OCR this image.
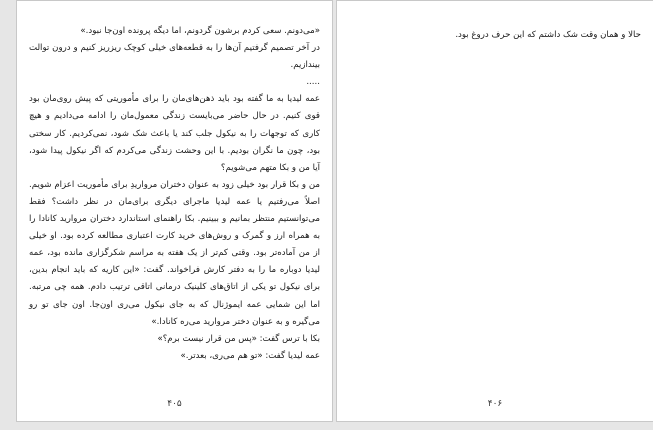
«می‌دونم. سعی کردم برشون گردونم، اما دیگه پرونده اون‌جا نبود.»

در آخر تصمیم گرفتیم آن‌ها را به قطعه‌های خیلی کوچک ریزریز کنیم و درون توالت بیندازیم.

.....

عمه لیدیا به ما گفته بود باید ذهن‌های‌مان را برای مأموریتی که پیش روی‌مان بود قوی کنیم. در حال حاضر می‌بایست زندگی معمول‌مان را ادامه می‌دادیم و هیچ کاری که توجهات را به نیکول جلب کند یا باعث شک شود، نمی‌کردیم. کار سختی بود، چون ما نگران بودیم. با این وحشت زندگی می‌کردم که اگر نیکول پیدا شود، آیا من و بکا متهم می‌شویم؟

من و بکا قرار بود خیلی زود به عنوان دختران مرواریدِ برای مأموریت اعزام شویم. اصلاً می‌رفتیم یا عمه لیدیا ماجرای دیگری برای‌مان در نظر داشت؟ فقط می‌توانستیم منتظر بمانیم و ببینیم. بکا راهنمای استاندارد دختران مروارید کانادا را به همراه ارز و گمرک و روش‌های خرید کارت اعتباری مطالعه کرده بود. او خیلی از من آماده‌تر بود. وقتی کم‌تر از یک هفته به مراسم شکرگزاری مانده بود، عمه لیدیا دوباره ما را به دفتر کارش فراخواند. گفت: «این کاریه که باید انجام بدین، برای نیکول تو یکی از اتاق‌های کلینیک درمانی اتاقی ترتیب دادم. همه چی مرتبه. اما این شمایی عمه ایموژنال که به جای نیکول می‌ری اون‌جا. اون جای تو رو می‌گیره و به عنوان دختر مروارید می‌ره کانادا.»

بکا با ترس گفت: «پس من قرار نیست برم؟»

عمه لیدیا گفت: «تو هم می‌ری، بعدتر.»

۴۰۵

حالا و همان وقت شک داشتم که این حرف دروغ بود.

۴۰۶
